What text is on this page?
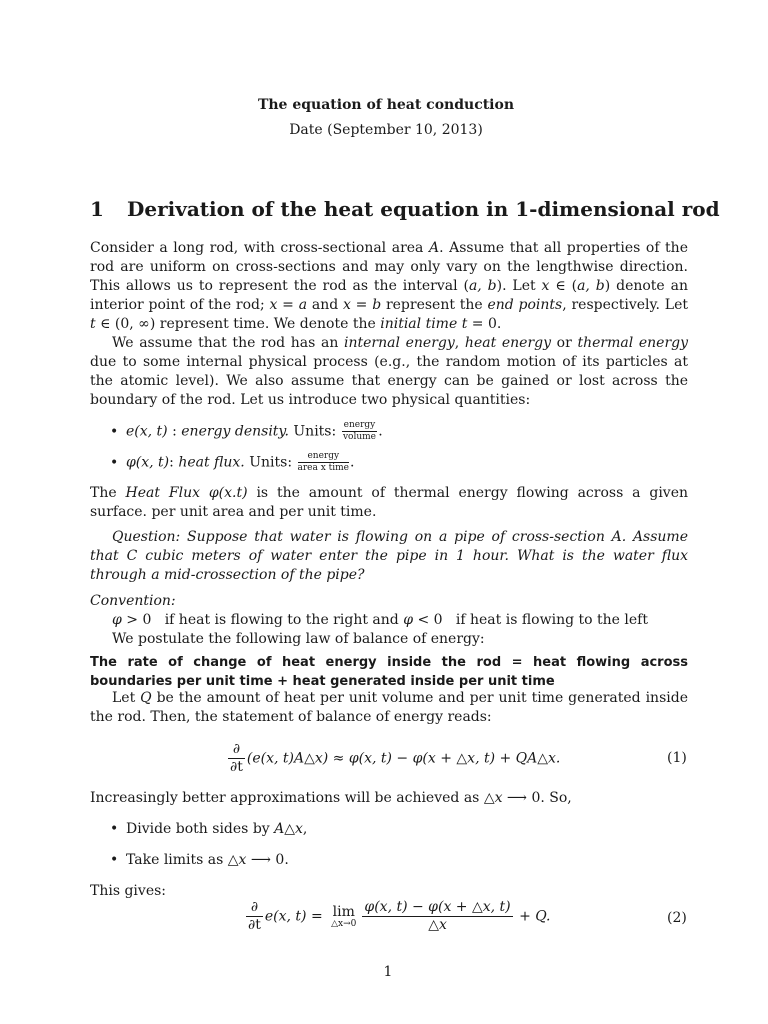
The equation of heat conduction
Date (September 10, 2013)
1 Derivation of the heat equation in 1-dimensional rod
Consider a long rod, with cross-sectional area A. Assume that all properties of the rod are uniform on cross-sections and may only vary on the lengthwise direction. This allows us to represent the rod as the interval (a, b). Let x ∈ (a, b) denote an interior point of the rod; x = a and x = b represent the end points, respectively. Let t ∈ (0, ∞) represent time. We denote the initial time t = 0.
We assume that the rod has an internal energy, heat energy or thermal energy due to some internal physical process (e.g., the random motion of its particles at the atomic level). We also assume that energy can be gained or lost across the boundary of the rod. Let us introduce two physical quantities:
• e(x, t) : energy density. Units: $\frac{\text{energy}}{\text{volume}}$ .
• φ(x, t): heat flux. Units: $\frac{\text{energy}}{\text{area x time}}$ .
The Heat Flux φ(x.t) is the amount of thermal energy flowing across a given surface. per unit area and per unit time.
Question: Suppose that water is flowing on a pipe of cross-section A. Assume that C cubic meters of water enter the pipe in 1 hour. What is the water flux through a mid-crossection of the pipe?
Convention:
φ > 0   if heat is flowing to the right and φ < 0   if heat is flowing to the left
We postulate the following law of balance of energy:
The rate of change of heat energy inside the rod = heat flowing across boundaries per unit time + heat generated inside per unit time
Let Q be the amount of heat per unit volume and per unit time generated inside the rod. Then, the statement of balance of energy reads:
∂
∂t
(e(x, t)A△x) ≈ φ(x, t) − φ(x + △x, t) + QA△x.	(1)
Increasingly better approximations will be achieved as △x ⟶ 0. So,
• Divide both sides by A△x,
• Take limits as △x ⟶ 0.
This gives:
∂
∂t
e(x, t) = lim
△x→0 $\frac{\varphi(x, t) - \varphi(x + \triangle x, t)}{\triangle x} + Q$.	(2)
1
